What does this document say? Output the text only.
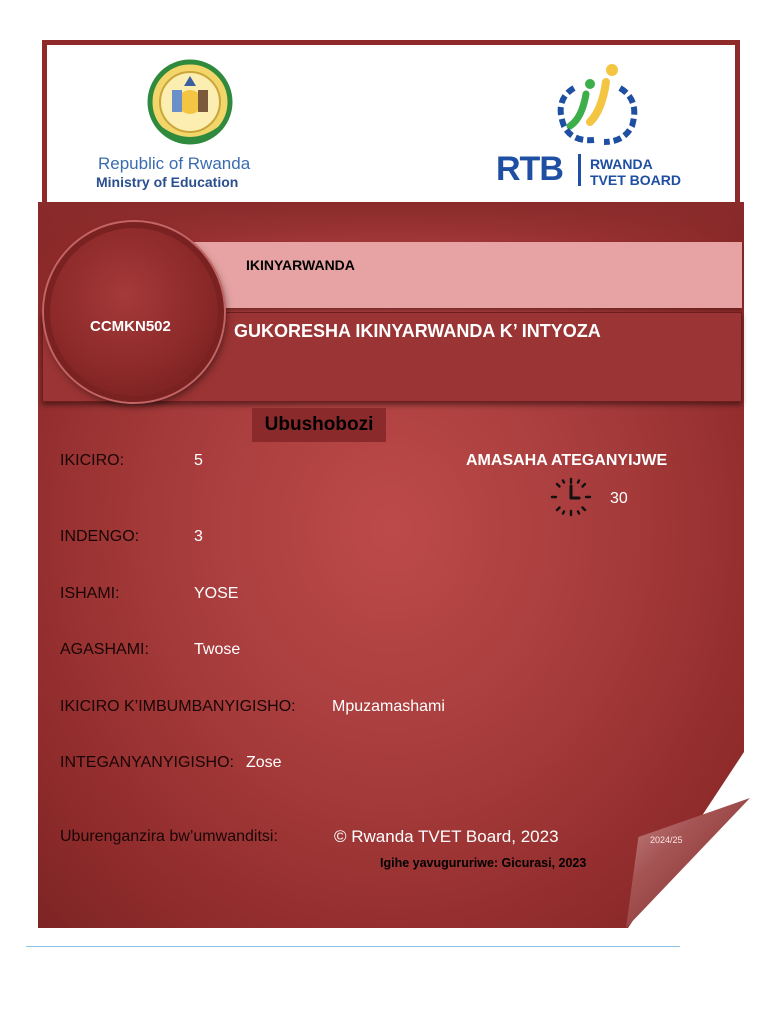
Republic of Rwanda
Ministry of Education	RTB RWANDA
TVET BOARD
CCMKN502
IKINYARWANDA
GUKORESHA IKINYARWANDA K’ INTYOZA
Ubushobozi
IKICIRO:	5	AMASAHA ATEGANYIJWE
30
INDENGO:	3
ISHAMI:	YOSE
AGASHAMI:	Twose
IKICIRO K’IMBUMBANYIGISHO: Mpuzamashami
INTEGANYANYIGISHO: Zose
Uburenganzira bw’umwanditsi:	© Rwanda TVET Board, 2023	2024/25
Igihe yavugururiwe: Gicurasi, 2023
